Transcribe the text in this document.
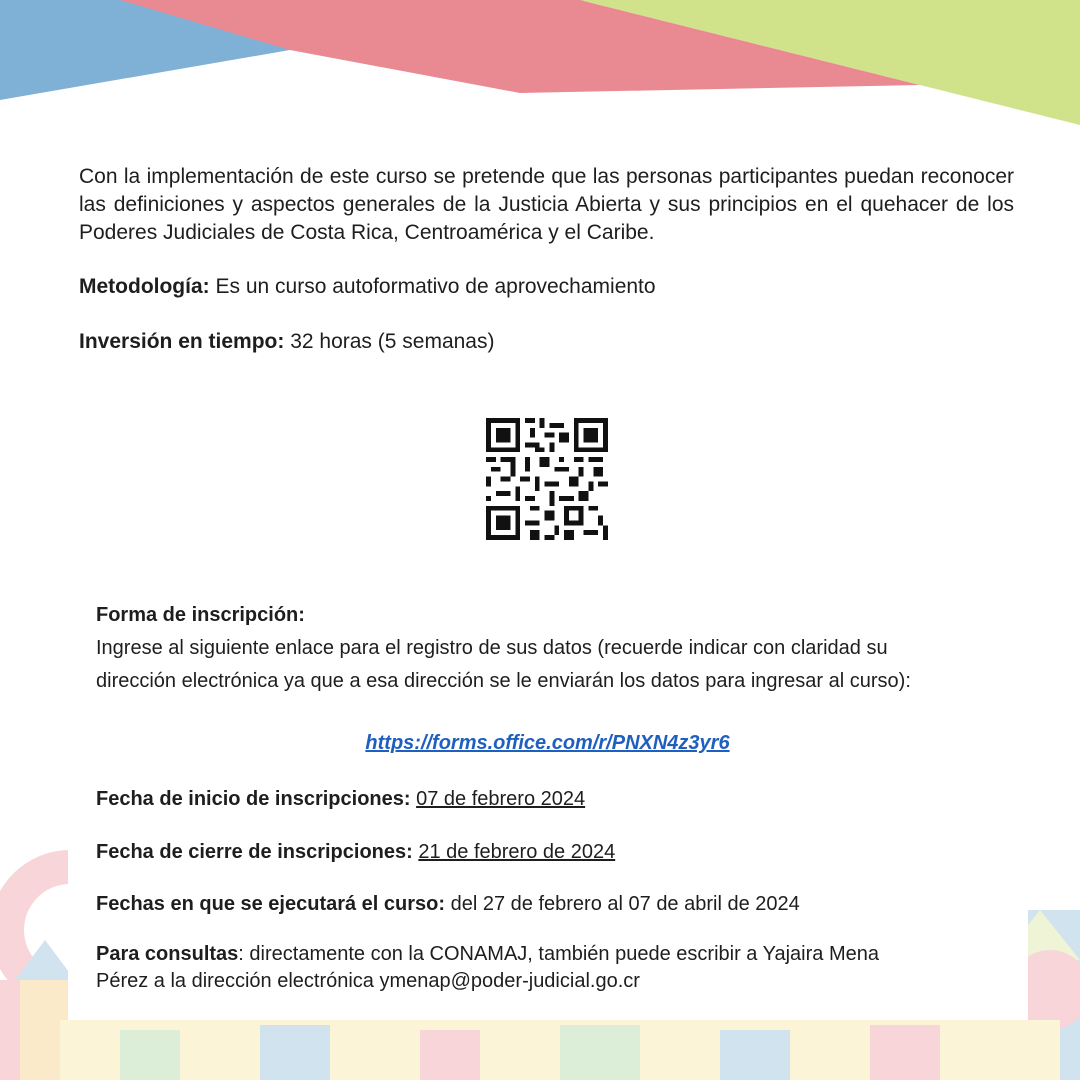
Con la implementación de este curso se pretende que las personas participantes puedan reconocer las definiciones y aspectos generales de la Justicia Abierta y sus principios en el quehacer de los Poderes Judiciales de Costa Rica, Centroamérica y el Caribe.

Metodología: Es un curso autoformativo de aprovechamiento

Inversión en tiempo: 32 horas (5 semanas)

Forma de inscripción:
Ingrese al siguiente enlace para el registro de sus datos (recuerde indicar con claridad su
dirección electrónica ya que a esa dirección se le enviarán los datos para ingresar al curso):

https://forms.office.com/r/PNXN4z3yr6

Fecha de inicio de inscripciones: 07 de febrero 2024

Fecha de cierre de inscripciones: 21 de febrero de 2024

Fechas en que se ejecutará el curso: del 27 de febrero al 07 de abril de 2024

Para consultas: directamente con la CONAMAJ, también puede escribir a Yajaira Mena
Pérez a la dirección electrónica ymenap@poder-judicial.go.cr
